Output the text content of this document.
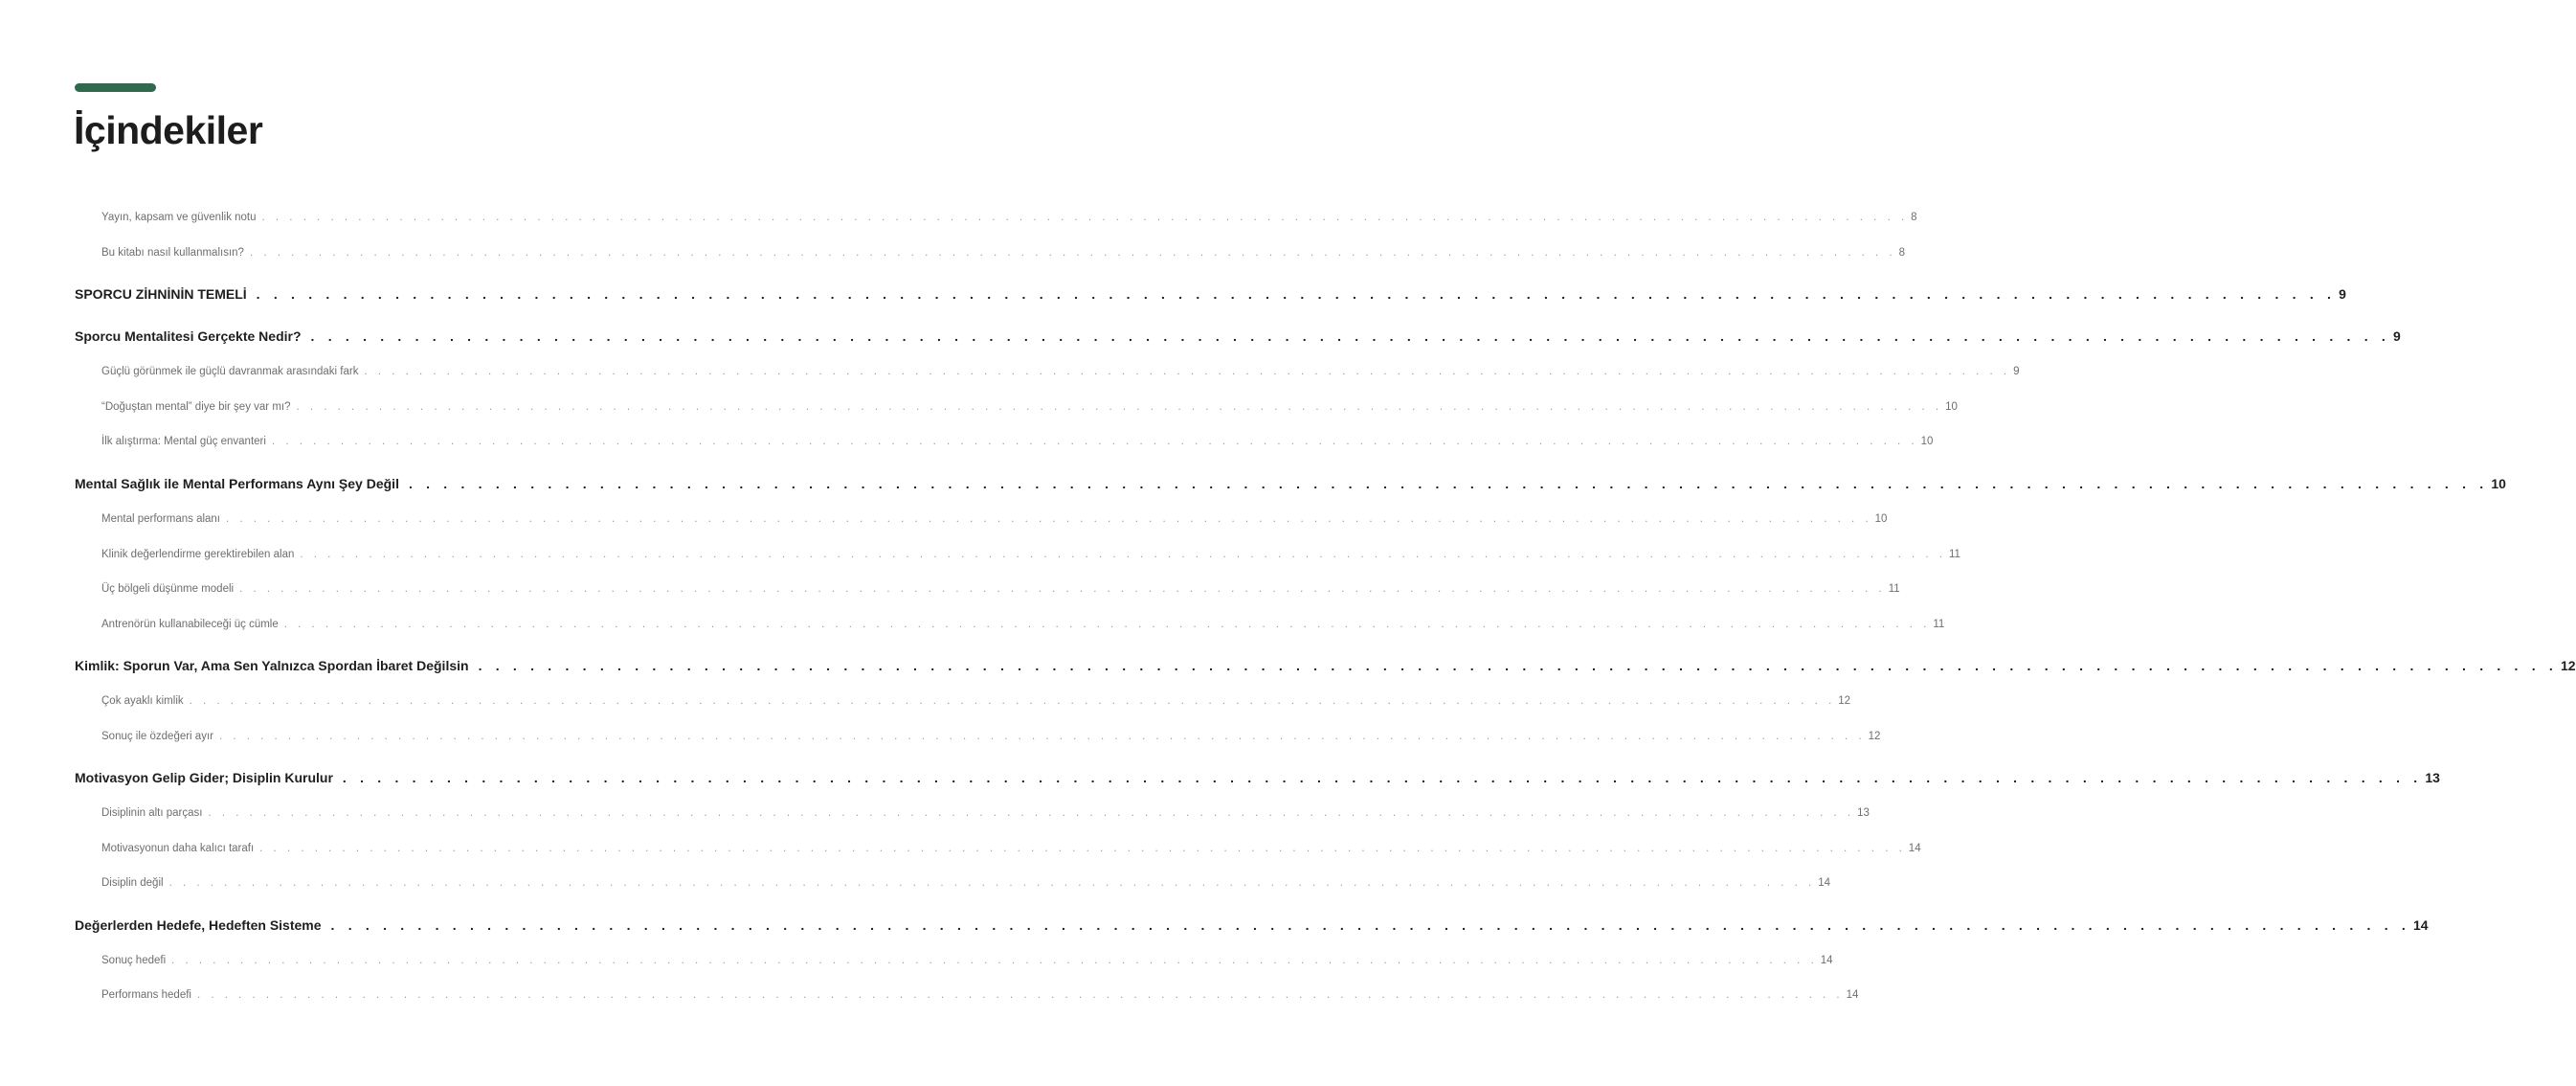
İçindekiler
Yayın, kapsam ve güvenlik notu . . . . . . . . . . . . . . . . . . . . . . . . . . . . . . . . . . . . . . . . . . . . . . . . . . . . . . . . . . . . . . . . . . . . . . . . . . . . . . . . . . . . . . . . . . . . . . . . . . . . . . . . . . . . . . . . . . . . . . . . 8
Bu kitabı nasıl kullanmalısın? . . . . . . . . . . . . . . . . . . . . . . . . . . . . . . . . . . . . . . . . . . . . . . . . . . . . . . . . . . . . . . . . . . . . . . . . . . . . . . . . . . . . . . . . . . . . . . . . . . . . . . . . . . . . . . . . . . . . . . . . 8
SPORCU ZİHNİNİN TEMELİ . . . . . . . . . . . . . . . . . . . . . . . . . . . . . . . . . . . . . . . . . . . . . . . . . . . . . . . . . . . . . . . . . . . . . . . . . . . . . . . . . . . . . . . . . . . . . . . . . . . . . . . . . . . . . . . . . . . . . . . . 9
Sporcu Mentalitesi Gerçekte Nedir? . . . . . . . . . . . . . . . . . . . . . . . . . . . . . . . . . . . . . . . . . . . . . . . . . . . . . . . . . . . . . . . . . . . . . . . . . . . . . . . . . . . . . . . . . . . . . . . . . . . . . . . . . . . . . . . . . . . . . . . . 9
Güçlü görünmek ile güçlü davranmak arasındaki fark . . . . . . . . . . . . . . . . . . . . . . . . . . . . . . . . . . . . . . . . . . . . . . . . . . . . . . . . . . . . . . . . . . . . . . . . . . . . . . . . . . . . . . . . . . . . . . . . . . . . . . . . . . . . . . . . . . . . . . . . 9
“Doğuştan mental” diye bir şey var mı? . . . . . . . . . . . . . . . . . . . . . . . . . . . . . . . . . . . . . . . . . . . . . . . . . . . . . . . . . . . . . . . . . . . . . . . . . . . . . . . . . . . . . . . . . . . . . . . . . . . . . . . . . . . . . . . . . . . . . . . . 10
İlk alıştırma: Mental güç envanteri . . . . . . . . . . . . . . . . . . . . . . . . . . . . . . . . . . . . . . . . . . . . . . . . . . . . . . . . . . . . . . . . . . . . . . . . . . . . . . . . . . . . . . . . . . . . . . . . . . . . . . . . . . . . . . . . . . . . . . . . 10
Mental Sağlık ile Mental Performans Aynı Şey Değil . . . . . . . . . . . . . . . . . . . . . . . . . . . . . . . . . . . . . . . . . . . . . . . . . . . . . . . . . . . . . . . . . . . . . . . . . . . . . . . . . . . . . . . . . . . . . . . . . . . . . . . . . . . . . . . . . . . . . . . . 10
Mental performans alanı . . . . . . . . . . . . . . . . . . . . . . . . . . . . . . . . . . . . . . . . . . . . . . . . . . . . . . . . . . . . . . . . . . . . . . . . . . . . . . . . . . . . . . . . . . . . . . . . . . . . . . . . . . . . . . . . . . . . . . . . 10
Klinik değerlendirme gerektirebilen alan . . . . . . . . . . . . . . . . . . . . . . . . . . . . . . . . . . . . . . . . . . . . . . . . . . . . . . . . . . . . . . . . . . . . . . . . . . . . . . . . . . . . . . . . . . . . . . . . . . . . . . . . . . . . . . . . . . . . . . . . 11
Üç bölgeli düşünme modeli . . . . . . . . . . . . . . . . . . . . . . . . . . . . . . . . . . . . . . . . . . . . . . . . . . . . . . . . . . . . . . . . . . . . . . . . . . . . . . . . . . . . . . . . . . . . . . . . . . . . . . . . . . . . . . . . . . . . . . . . 11
Antrenörün kullanabileceği üç cümle . . . . . . . . . . . . . . . . . . . . . . . . . . . . . . . . . . . . . . . . . . . . . . . . . . . . . . . . . . . . . . . . . . . . . . . . . . . . . . . . . . . . . . . . . . . . . . . . . . . . . . . . . . . . . . . . . . . . . . . . 11
Kimlik: Sporun Var, Ama Sen Yalnızca Spordan İbaret Değilsin . . . . . . . . . . . . . . . . . . . . . . . . . . . . . . . . . . . . . . . . . . . . . . . . . . . . . . . . . . . . . . . . . . . . . . . . . . . . . . . . . . . . . . . . . . . . . . . . . . . . . . . . . . . . . . . . . . . . . . . . 12
Çok ayaklı kimlik . . . . . . . . . . . . . . . . . . . . . . . . . . . . . . . . . . . . . . . . . . . . . . . . . . . . . . . . . . . . . . . . . . . . . . . . . . . . . . . . . . . . . . . . . . . . . . . . . . . . . . . . . . . . . . . . . . . . . . . . 12
Sonuç ile özdeğeri ayır . . . . . . . . . . . . . . . . . . . . . . . . . . . . . . . . . . . . . . . . . . . . . . . . . . . . . . . . . . . . . . . . . . . . . . . . . . . . . . . . . . . . . . . . . . . . . . . . . . . . . . . . . . . . . . . . . . . . . . . . 12
Motivasyon Gelip Gider; Disiplin Kurulur . . . . . . . . . . . . . . . . . . . . . . . . . . . . . . . . . . . . . . . . . . . . . . . . . . . . . . . . . . . . . . . . . . . . . . . . . . . . . . . . . . . . . . . . . . . . . . . . . . . . . . . . . . . . . . . . . . . . . . . . 13
Disiplinin altı parçası . . . . . . . . . . . . . . . . . . . . . . . . . . . . . . . . . . . . . . . . . . . . . . . . . . . . . . . . . . . . . . . . . . . . . . . . . . . . . . . . . . . . . . . . . . . . . . . . . . . . . . . . . . . . . . . . . . . . . . . . 13
Motivasyonun daha kalıcı tarafı . . . . . . . . . . . . . . . . . . . . . . . . . . . . . . . . . . . . . . . . . . . . . . . . . . . . . . . . . . . . . . . . . . . . . . . . . . . . . . . . . . . . . . . . . . . . . . . . . . . . . . . . . . . . . . . . . . . . . . . . 14
Disiplin değil . . . . . . . . . . . . . . . . . . . . . . . . . . . . . . . . . . . . . . . . . . . . . . . . . . . . . . . . . . . . . . . . . . . . . . . . . . . . . . . . . . . . . . . . . . . . . . . . . . . . . . . . . . . . . . . . . . . . . . . . 14
Değerlerden Hedefe, Hedeften Sisteme . . . . . . . . . . . . . . . . . . . . . . . . . . . . . . . . . . . . . . . . . . . . . . . . . . . . . . . . . . . . . . . . . . . . . . . . . . . . . . . . . . . . . . . . . . . . . . . . . . . . . . . . . . . . . . . . . . . . . . . . 14
Sonuç hedefi . . . . . . . . . . . . . . . . . . . . . . . . . . . . . . . . . . . . . . . . . . . . . . . . . . . . . . . . . . . . . . . . . . . . . . . . . . . . . . . . . . . . . . . . . . . . . . . . . . . . . . . . . . . . . . . . . . . . . . . . 14
Performans hedefi . . . . . . . . . . . . . . . . . . . . . . . . . . . . . . . . . . . . . . . . . . . . . . . . . . . . . . . . . . . . . . . . . . . . . . . . . . . . . . . . . . . . . . . . . . . . . . . . . . . . . . . . . . . . . . . . . . . . . . . . 14
